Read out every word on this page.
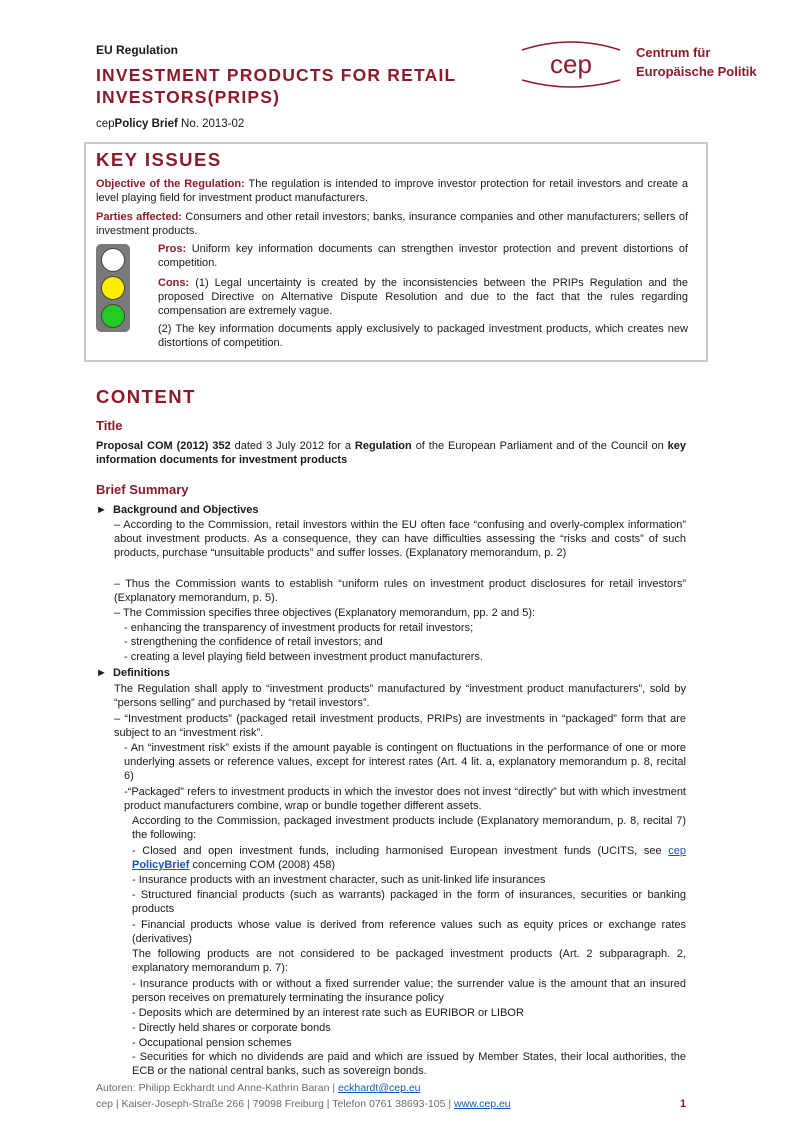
EU Regulation
INVESTMENT PRODUCTS FOR RETAIL INVESTORS(PRIPS)
cepPolicy Brief No. 2013-02
cep	Centrum für
Europäische Politik
KEY ISSUES
Objective of the Regulation: The regulation is intended to improve investor protection for retail investors and create a level playing field for investment product manufacturers.
Parties affected: Consumers and other retail investors; banks, insurance companies and other manufacturers; sellers of investment products.
Pros: Uniform key information documents can strengthen investor protection and prevent distortions of competition.
Cons: (1) Legal uncertainty is created by the inconsistencies between the PRIPs Regulation and the proposed Directive on Alternative Dispute Resolution and due to the fact that the rules regarding compensation are extremely vague.
(2) The key information documents apply exclusively to packaged investment products, which creates new distortions of competition.
CONTENT
Title
Proposal COM (2012) 352 dated 3 July 2012 for a Regulation of the European Parliament and of the Council on key information documents for investment products
Brief Summary
► Background and Objectives
– According to the Commission, retail investors within the EU often face “confusing and overly-complex information” about investment products. As a consequence, they can have difficulties assessing the “risks and costs” of such products, purchase “unsuitable products” and suffer losses. (Explanatory memorandum, p. 2)
– Thus the Commission wants to establish “uniform rules on investment product disclosures for retail investors” (Explanatory memorandum, p. 5).
– The Commission specifies three objectives (Explanatory memorandum, pp. 2 and 5):
- enhancing the transparency of investment products for retail investors;
- strengthening the confidence of retail investors; and
- creating a level playing field between investment product manufacturers.
► Definitions
The Regulation shall apply to “investment products” manufactured by “investment product manufacturers”, sold by “persons selling” and purchased by “retail investors”.
– “Investment products” (packaged retail investment products, PRIPs) are investments in “packaged” form that are subject to an “investment risk”.
- An “investment risk” exists if the amount payable is contingent on fluctuations in the performance of one or more underlying assets or reference values, except for interest rates (Art. 4 lit. a, explanatory memorandum p. 8, recital 6)
-“Packaged” refers to investment products in which the investor does not invest “directly” but with which investment product manufacturers combine, wrap or bundle together different assets.
According to the Commission, packaged investment products include (Explanatory memorandum, p. 8, recital 7) the following:
- Closed and open investment funds, including harmonised European investment funds (UCITS, see cep PolicyBrief concerning COM (2008) 458)
- Insurance products with an investment character, such as unit-linked life insurances
- Structured financial products (such as warrants) packaged in the form of insurances, securities or banking products
- Financial products whose value is derived from reference values such as equity prices or exchange rates (derivatives)
The following products are not considered to be packaged investment products (Art. 2 subparagraph. 2, explanatory memorandum p. 7):
- Insurance products with or without a fixed surrender value; the surrender value is the amount that an insured person receives on prematurely terminating the insurance policy
- Deposits which are determined by an interest rate such as EURIBOR or LIBOR
- Directly held shares or corporate bonds
- Occupational pension schemes
- Securities for which no dividends are paid and which are issued by Member States, their local authorities, the ECB or the national central banks, such as sovereign bonds.
Autoren: Philipp Eckhardt und Anne-Kathrin Baran | eckhardt@cep.eu
cep | Kaiser-Joseph-Straße 266 | 79098 Freiburg | Telefon 0761 38693-105 | www.cep.eu	1
